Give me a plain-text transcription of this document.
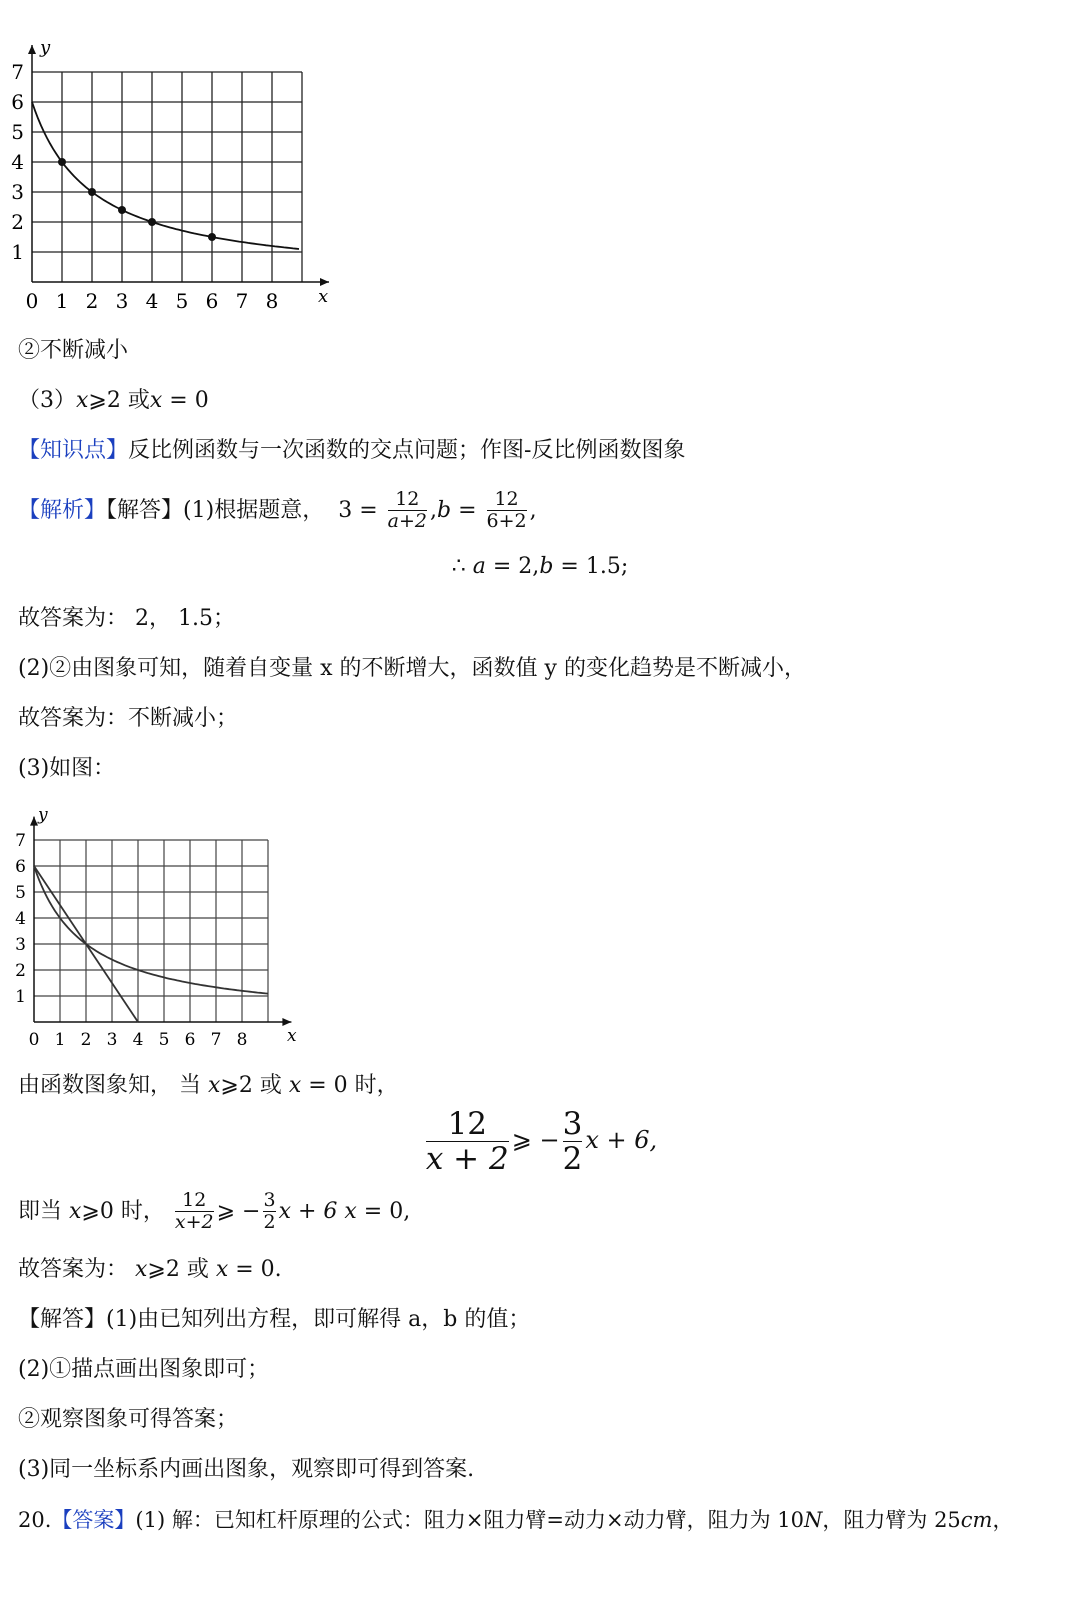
0 1 2 3 4 5 6 7 8
1
2
3
4
5
6
7
y
x
②不断减小
（3）x⩾2 或x = 0
【知识点】反比例函数与一次函数的交点问题；作图-反比例函数图象
【解析】【解答】(1)根据题意， $3 = \frac{12}{a+2} ,b = \frac{12}{6+2}$ ,
∴ a = 2,b = 1.5;
故答案为： 2， 1.5；
(2)②由图象可知，随着自变量 x 的不断增大，函数值 y 的变化趋势是不断减小，
故答案为：不断减小；
(3)如图：
0 1 2 3 4 5 6 7 8
1
2
3
4
5
6
7
y
x
由函数图象知， 当 x⩾2 或 x = 0 时，
$\frac{12}{x + 2}$ ⩾ − $\frac{3}{2}$ x + 6,
即当 x⩾0 时， $\frac{12}{x+2}$ ⩾ − $\frac{3}{2}$ x + 6 x = 0,
故答案为： x⩾2 或 x = 0.
【解答】(1)由已知列出方程，即可解得 a，b 的值；
(2)①描点画出图象即可；
②观察图象可得答案；
(3)同一坐标系内画出图象，观察即可得到答案.
20.【答案】(1) 解：已知杠杆原理的公式：阻力×阻力臂=动力×动力臂，阻力为 10N，阻力臂为 25cm，
